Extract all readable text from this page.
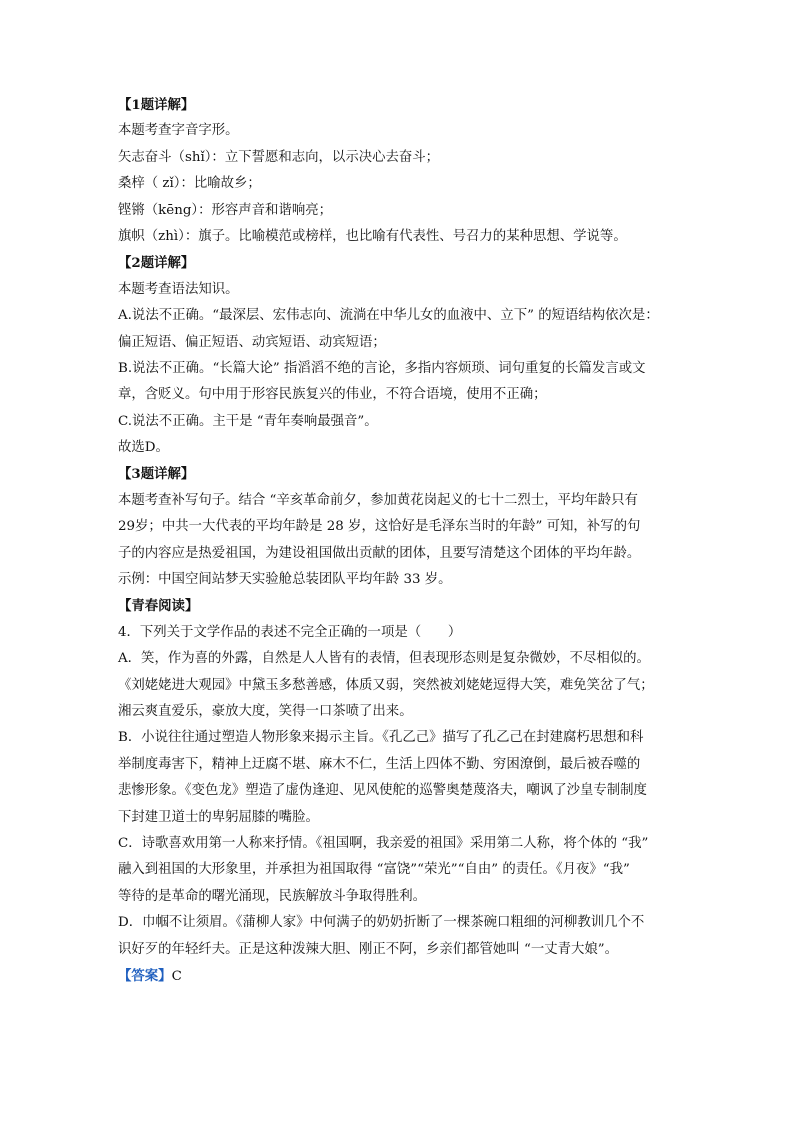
【1题详解】
本题考查字音字形。
矢志奋斗（shǐ）：立下誓愿和志向，以示决心去奋斗；
桑梓（ zǐ）：比喻故乡；
铿锵（kēng）：形容声音和谐响亮；
旗帜（zhì）：旗子。比喻模范或榜样，也比喻有代表性、号召力的某种思想、学说等。
【2题详解】
本题考查语法知识。
A.说法不正确。“最深层、宏伟志向、流淌在中华儿女的血液中、立下” 的短语结构依次是：
偏正短语、偏正短语、动宾短语、动宾短语；
B.说法不正确。“长篇大论” 指滔滔不绝的言论，多指内容烦琐、词句重复的长篇发言或文
章，含贬义。句中用于形容民族复兴的伟业，不符合语境，使用不正确；
C.说法不正确。主干是 “青年奏响最强音”。
故选D。
【3题详解】
本题考查补写句子。结合 “辛亥革命前夕，参加黄花岗起义的七十二烈士，平均年龄只有
29岁；中共一大代表的平均年龄是 28 岁，这恰好是毛泽东当时的年龄” 可知，补写的句
子的内容应是热爱祖国，为建设祖国做出贡献的团体，且要写清楚这个团体的平均年龄。
示例：中国空间站梦天实验舱总装团队平均年龄 33 岁。
【青春阅读】
4．下列关于文学作品的表述不完全正确的一项是（　　）
A．笑，作为喜的外露，自然是人人皆有的表情，但表现形态则是复杂微妙，不尽相似的。
《刘姥姥进大观园》中黛玉多愁善感，体质又弱，突然被刘姥姥逗得大笑，难免笑岔了气；
湘云爽直爱乐，豪放大度，笑得一口茶喷了出来。
B．小说往往通过塑造人物形象来揭示主旨。《孔乙己》描写了孔乙己在封建腐朽思想和科
举制度毒害下，精神上迂腐不堪、麻木不仁，生活上四体不勤、穷困潦倒，最后被吞噬的
悲惨形象。《变色龙》塑造了虚伪逢迎、见风使舵的巡警奥楚蔑洛夫，嘲讽了沙皇专制制度
下封建卫道士的卑躬屈膝的嘴脸。
C．诗歌喜欢用第一人称来抒情。《祖国啊，我亲爱的祖国》采用第二人称，将个体的 “我”
融入到祖国的大形象里，并承担为祖国取得 “富饶”“荣光”“自由” 的责任。《月夜》“我”
等待的是革命的曙光涌现，民族解放斗争取得胜利。
D．巾帼不让须眉。《蒲柳人家》中何满子的奶奶折断了一棵茶碗口粗细的河柳教训几个不
识好歹的年轻纤夫。正是这种泼辣大胆、刚正不阿，乡亲们都管她叫 “一丈青大娘”。
【答案】C
